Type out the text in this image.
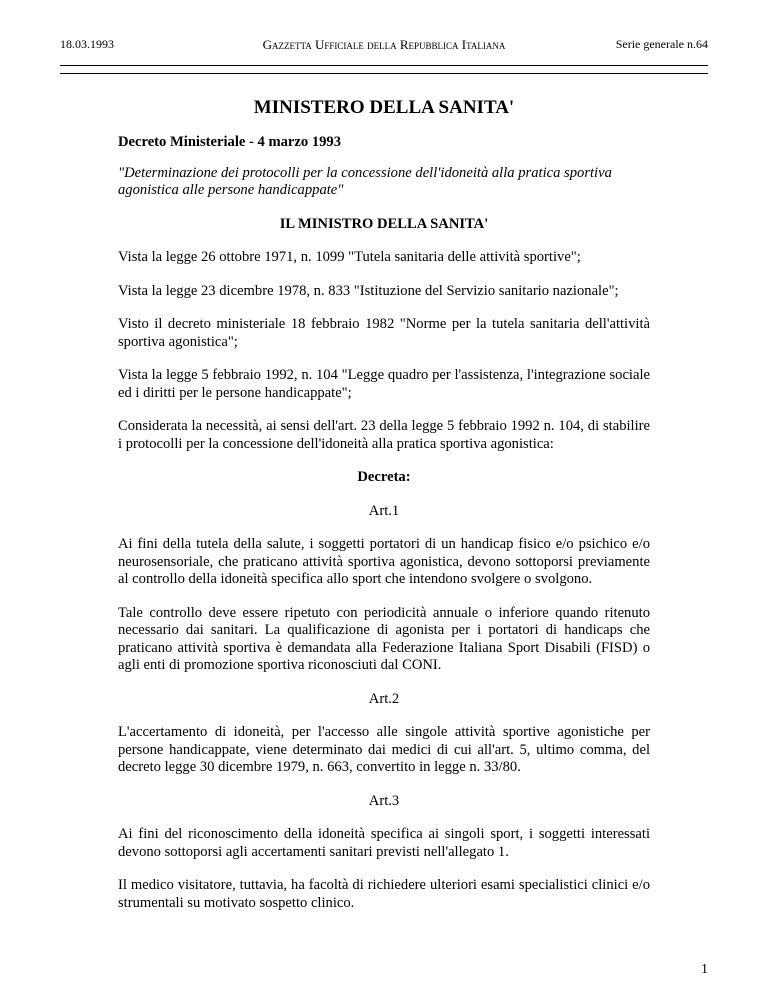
18.03.1993	Gazzetta Ufficiale della Repubblica Italiana	Serie generale n.64
MINISTERO DELLA SANITA'

Decreto Ministeriale - 4 marzo 1993

"Determinazione dei protocolli per la concessione dell'idoneità alla pratica sportiva agonistica alle persone handicappate"

IL MINISTRO DELLA SANITA'

Vista la legge 26 ottobre 1971, n. 1099 "Tutela sanitaria delle attività sportive";

Vista la legge 23 dicembre 1978, n. 833 "Istituzione del Servizio sanitario nazionale";

Visto il decreto ministeriale 18 febbraio 1982 "Norme per la tutela sanitaria dell'attività sportiva agonistica";

Vista la legge 5 febbraio 1992, n. 104 "Legge quadro per l'assistenza, l'integrazione sociale ed i diritti per le persone handicappate";

Considerata la necessità, ai sensi dell'art. 23 della legge 5 febbraio 1992 n. 104, di stabilire i protocolli per la concessione dell'idoneità alla pratica sportiva agonistica:

Decreta:

Art.1

Ai fini della tutela della salute, i soggetti portatori di un handicap fisico e/o psichico e/o neurosensoriale, che praticano attività sportiva agonistica, devono sottoporsi previamente al controllo della idoneità specifica allo sport che intendono svolgere o svolgono.

Tale controllo deve essere ripetuto con periodicità annuale o inferiore quando ritenuto necessario dai sanitari. La qualificazione di agonista per i portatori di handicaps che praticano attività sportiva è demandata alla Federazione Italiana Sport Disabili (FISD) o agli enti di promozione sportiva riconosciuti dal CONI.

Art.2

L'accertamento di idoneità, per l'accesso alle singole attività sportive agonistiche per persone handicappate, viene determinato dai medici di cui all'art. 5, ultimo comma, del decreto legge 30 dicembre 1979, n. 663, convertito in legge n. 33/80.

Art.3

Ai fini del riconoscimento della idoneità specifica ai singoli sport, i soggetti interessati devono sottoporsi agli accertamenti sanitari previsti nell'allegato 1.

Il medico visitatore, tuttavia, ha facoltà di richiedere ulteriori esami specialistici clinici e/o strumentali su motivato sospetto clinico.

1
